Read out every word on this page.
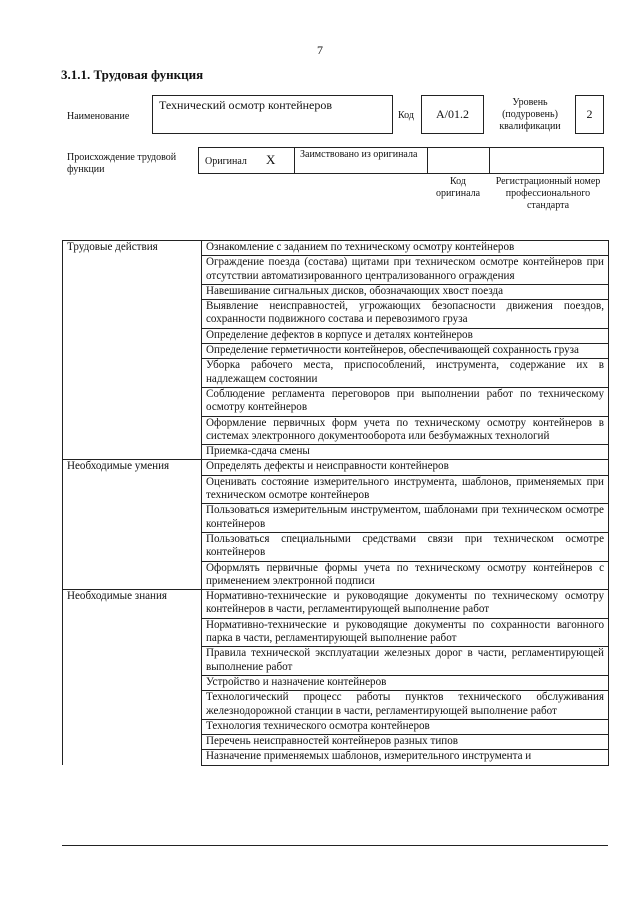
7
3.1.1. Трудовая функция
Наименование
Технический осмотр контейнеров
Код	A/01.2
Уровень (подуровень) квалификации
2
Происхождение трудовой функции
Оригинал X Заимствовано из оригинала
Код оригинала
Регистрационный номер профессионального стандарта
Трудовые действия	Ознакомление с заданием по техническому осмотру контейнеров
	Ограждение поезда (состава) щитами при техническом осмотре контейнеров при отсутствии автоматизированного централизованного ограждения
	Навешивание сигнальных дисков, обозначающих хвост поезда
	Выявление неисправностей, угрожающих безопасности движения поездов, сохранности подвижного состава и перевозимого груза
	Определение дефектов в корпусе и деталях контейнеров
	Определение герметичности контейнеров, обеспечивающей сохранность груза
	Уборка рабочего места, приспособлений, инструмента, содержание их в надлежащем состоянии
	Соблюдение регламента переговоров при выполнении работ по техническому осмотру контейнеров
	Оформление первичных форм учета по техническому осмотру контейнеров в системах электронного документооборота или безбумажных технологий
	Приемка-сдача смены
Необходимые умения	Определять дефекты и неисправности контейнеров
	Оценивать состояние измерительного инструмента, шаблонов, применяемых при техническом осмотре контейнеров
	Пользоваться измерительным инструментом, шаблонами при техническом осмотре контейнеров
	Пользоваться специальными средствами связи при техническом осмотре контейнеров
	Оформлять первичные формы учета по техническому осмотру контейнеров с применением электронной подписи
Необходимые знания	Нормативно-технические и руководящие документы по техническому осмотру контейнеров в части, регламентирующей выполнение работ
	Нормативно-технические и руководящие документы по сохранности вагонного парка в части, регламентирующей выполнение работ
	Правила технической эксплуатации железных дорог в части, регламентирующей выполнение работ
	Устройство и назначение контейнеров
	Технологический процесс работы пунктов технического обслуживания железнодорожной станции в части, регламентирующей выполнение работ
	Технология технического осмотра контейнеров
	Перечень неисправностей контейнеров разных типов
	Назначение применяемых шаблонов, измерительного инструмента и
